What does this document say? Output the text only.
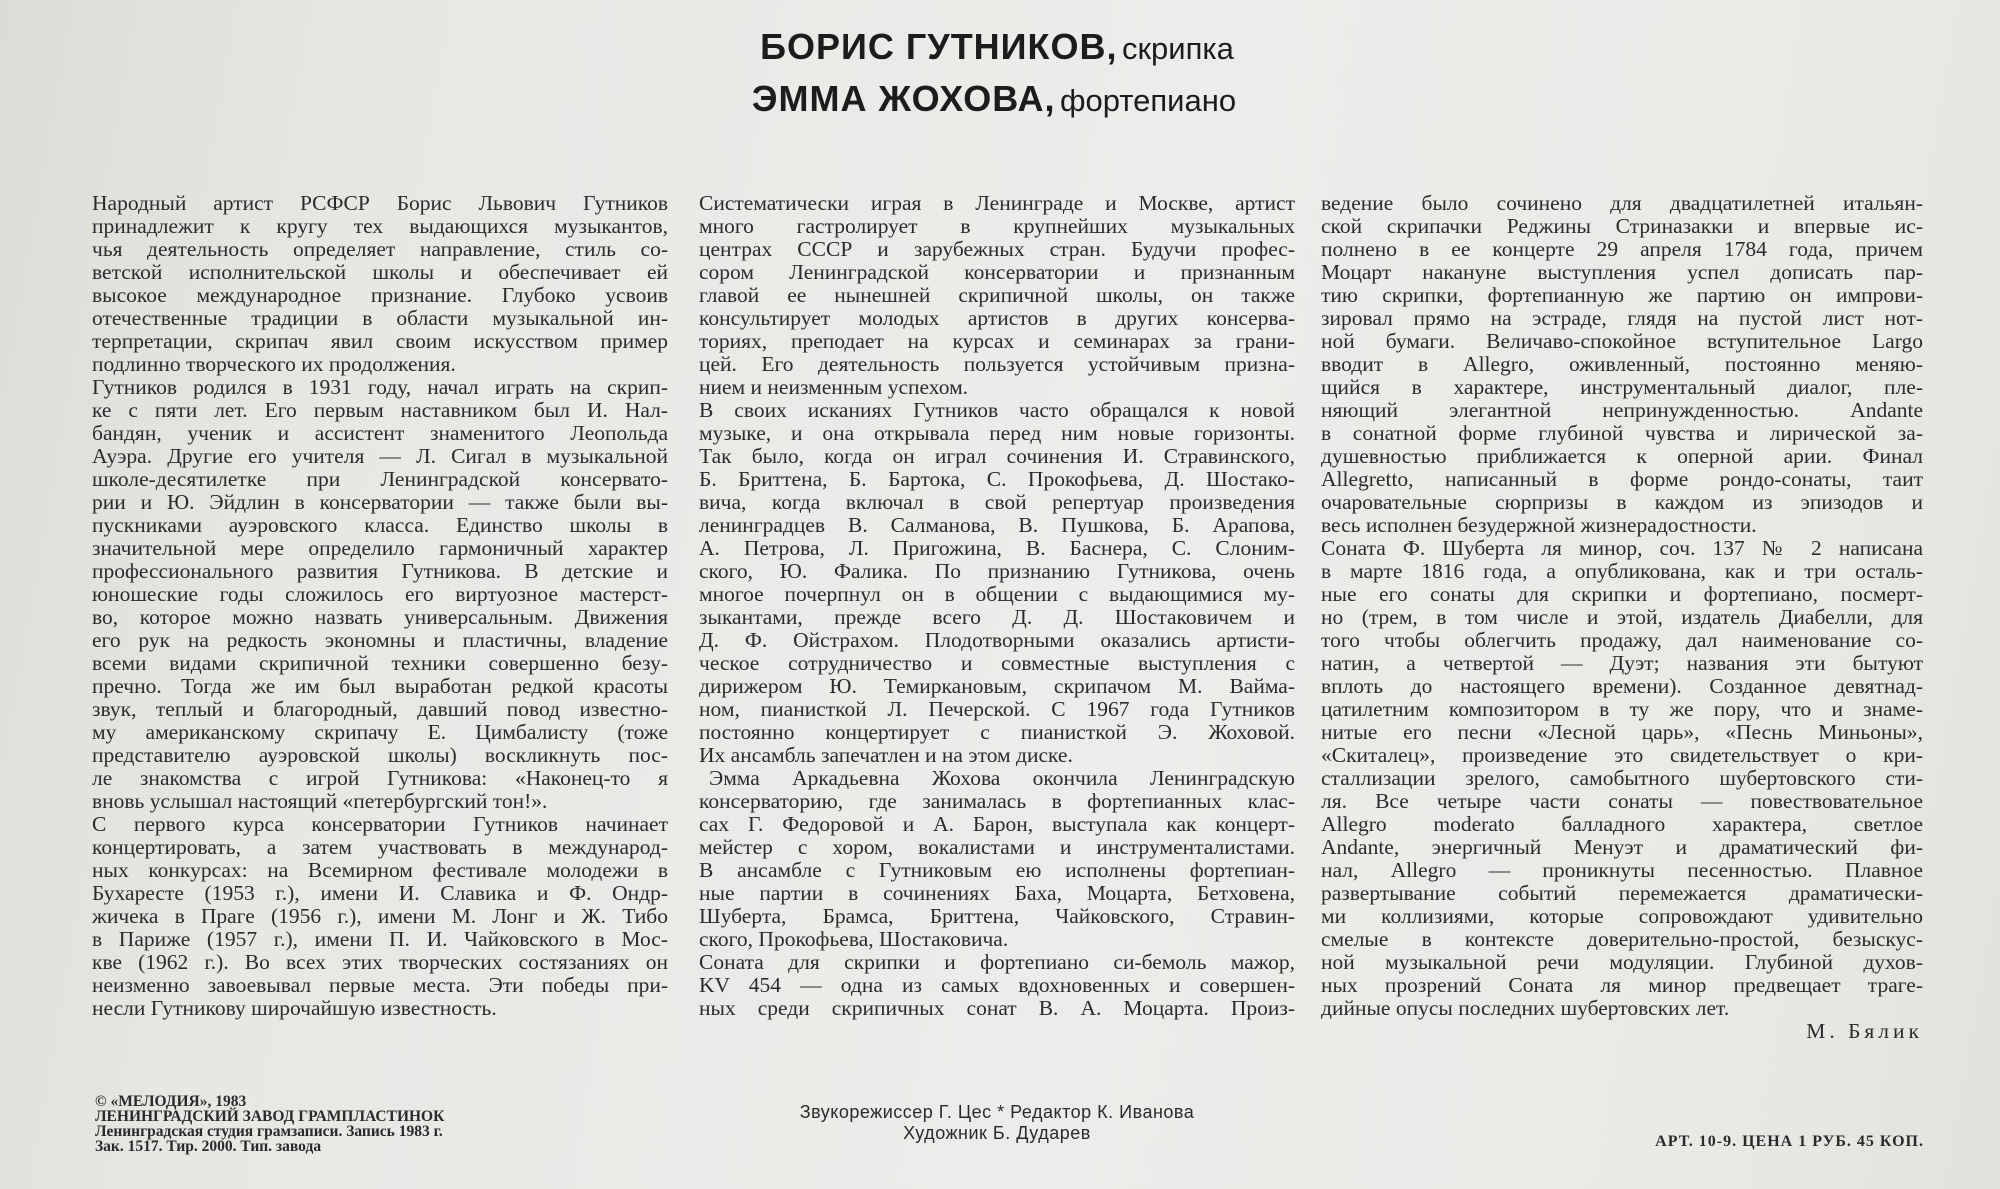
БОРИС ГУТНИКОВ, скрипка
ЭММА ЖОХОВА, фортепиано
Народный артист РСФСР Борис Львович Гутников
принадлежит к кругу тех выдающихся музыкантов,
чья деятельность определяет направление, стиль со-
ветской исполнительской школы и обеспечивает ей
высокое международное признание. Глубоко усвоив
отечественные традиции в области музыкальной ин-
терпретации, скрипач явил своим искусством пример
подлинно творческого их продолжения.
Гутников родился в 1931 году, начал играть на скрип-
ке с пяти лет. Его первым наставником был И. Нал-
бандян, ученик и ассистент знаменитого Леопольда
Ауэра. Другие его учителя — Л. Сигал в музыкальной
школе-десятилетке при Ленинградской консервато-
рии и Ю. Эйдлин в консерватории — также были вы-
пускниками ауэровского класса. Единство школы в
значительной мере определило гармоничный характер
профессионального развития Гутникова. В детские и
юношеские годы сложилось его виртуозное мастерст-
во, которое можно назвать универсальным. Движения
его рук на редкость экономны и пластичны, владение
всеми видами скрипичной техники совершенно безу-
пречно. Тогда же им был выработан редкой красоты
звук, теплый и благородный, давший повод известно-
му американскому скрипачу Е. Цимбалисту (тоже
представителю ауэровской школы) воскликнуть пос-
ле знакомства с игрой Гутникова: «Наконец-то я
вновь услышал настоящий «петербургский тон!».
С первого курса консерватории Гутников начинает
концертировать, а затем участвовать в международ-
ных конкурсах: на Всемирном фестивале молодежи в
Бухаресте (1953 г.), имени И. Славика и Ф. Ондр-
жичека в Праге (1956 г.), имени М. Лонг и Ж. Тибо
в Париже (1957 г.), имени П. И. Чайковского в Мос-
кве (1962 г.). Во всех этих творческих состязаниях он
неизменно завоевывал первые места. Эти победы при-
несли Гутникову широчайшую известность.
Систематически играя в Ленинграде и Москве, артист
много гастролирует в крупнейших музыкальных
центрах СССР и зарубежных стран. Будучи профес-
сором Ленинградской консерватории и признанным
главой ее нынешней скрипичной школы, он также
консультирует молодых артистов в других консерва-
ториях, преподает на курсах и семинарах за грани-
цей. Его деятельность пользуется устойчивым призна-
нием и неизменным успехом.
В своих исканиях Гутников часто обращался к новой
музыке, и она открывала перед ним новые горизонты.
Так было, когда он играл сочинения И. Стравинского,
Б. Бриттена, Б. Бартока, С. Прокофьева, Д. Шостако-
вича, когда включал в свой репертуар произведения
ленинградцев В. Салманова, В. Пушкова, Б. Арапова,
А. Петрова, Л. Пригожина, В. Баснера, С. Слоним-
ского, Ю. Фалика. По признанию Гутникова, очень
многое почерпнул он в общении с выдающимися му-
зыкантами, прежде всего Д. Д. Шостаковичем и
Д. Ф. Ойстрахом. Плодотворными оказались артисти-
ческое сотрудничество и совместные выступления с
дирижером Ю. Темиркановым, скрипачом М. Вайма-
ном, пианисткой Л. Печерской. С 1967 года Гутников
постоянно концертирует с пианисткой Э. Жоховой.
Их ансамбль запечатлен и на этом диске.
Эмма Аркадьевна Жохова окончила Ленинградскую
консерваторию, где занималась в фортепианных клас-
сах Г. Федоровой и А. Барон, выступала как концерт-
мейстер с хором, вокалистами и инструменталистами.
В ансамбле с Гутниковым ею исполнены фортепиан-
ные партии в сочинениях Баха, Моцарта, Бетховена,
Шуберта, Брамса, Бриттена, Чайковского, Стравин-
ского, Прокофьева, Шостаковича.
Соната для скрипки и фортепиано си-бемоль мажор,
KV 454 — одна из самых вдохновенных и совершен-
ных среди скрипичных сонат В. А. Моцарта. Произ-
ведение было сочинено для двадцатилетней итальян-
ской скрипачки Реджины Стриназакки и впервые ис-
полнено в ее концерте 29 апреля 1784 года, причем
Моцарт накануне выступления успел дописать пар-
тию скрипки, фортепианную же партию он импрови-
зировал прямо на эстраде, глядя на пустой лист нот-
ной бумаги. Величаво-спокойное вступительное Largo
вводит в Allegro, оживленный, постоянно меняю-
щийся в характере, инструментальный диалог, пле-
няющий элегантной непринужденностью. Andante
в сонатной форме глубиной чувства и лирической за-
душевностью приближается к оперной арии. Финал
Allegretto, написанный в форме рондо-сонаты, таит
очаровательные сюрпризы в каждом из эпизодов и
весь исполнен безудержной жизнерадостности.
Соната Ф. Шуберта ля минор, соч. 137 № 2 написана
в марте 1816 года, а опубликована, как и три осталь-
ные его сонаты для скрипки и фортепиано, посмерт-
но (трем, в том числе и этой, издатель Диабелли, для
того чтобы облегчить продажу, дал наименование со-
натин, а четвертой — Дуэт; названия эти бытуют
вплоть до настоящего времени). Созданное девятнад-
цатилетним композитором в ту же пору, что и знаме-
нитые его песни «Лесной царь», «Песнь Миньоны»,
«Скиталец», произведение это свидетельствует о кри-
сталлизации зрелого, самобытного шубертовского сти-
ля. Все четыре части сонаты — повествовательное
Allegro moderato балладного характера, светлое
Andante, энергичный Менуэт и драматический фи-
нал, Allegro — проникнуты песенностью. Плавное
развертывание событий перемежается драматически-
ми коллизиями, которые сопровождают удивительно
смелые в контексте доверительно-простой, безыскус-
ной музыкальной речи модуляции. Глубиной духов-
ных прозрений Соната ля минор предвещает траге-
дийные опусы последних шубертовских лет.
М. Бялик
© «МЕЛОДИЯ», 1983
ЛЕНИНГРАДСКИЙ ЗАВОД ГРАМПЛАСТИНОК
Ленинградская студия грамзаписи. Запись 1983 г.
Зак. 1517. Тир. 2000. Тип. завода
Звукорежиссер Г. Цес * Редактор К. Иванова
Художник Б. Дударев	АРТ. 10-9. ЦЕНА 1 РУБ. 45 КОП.
